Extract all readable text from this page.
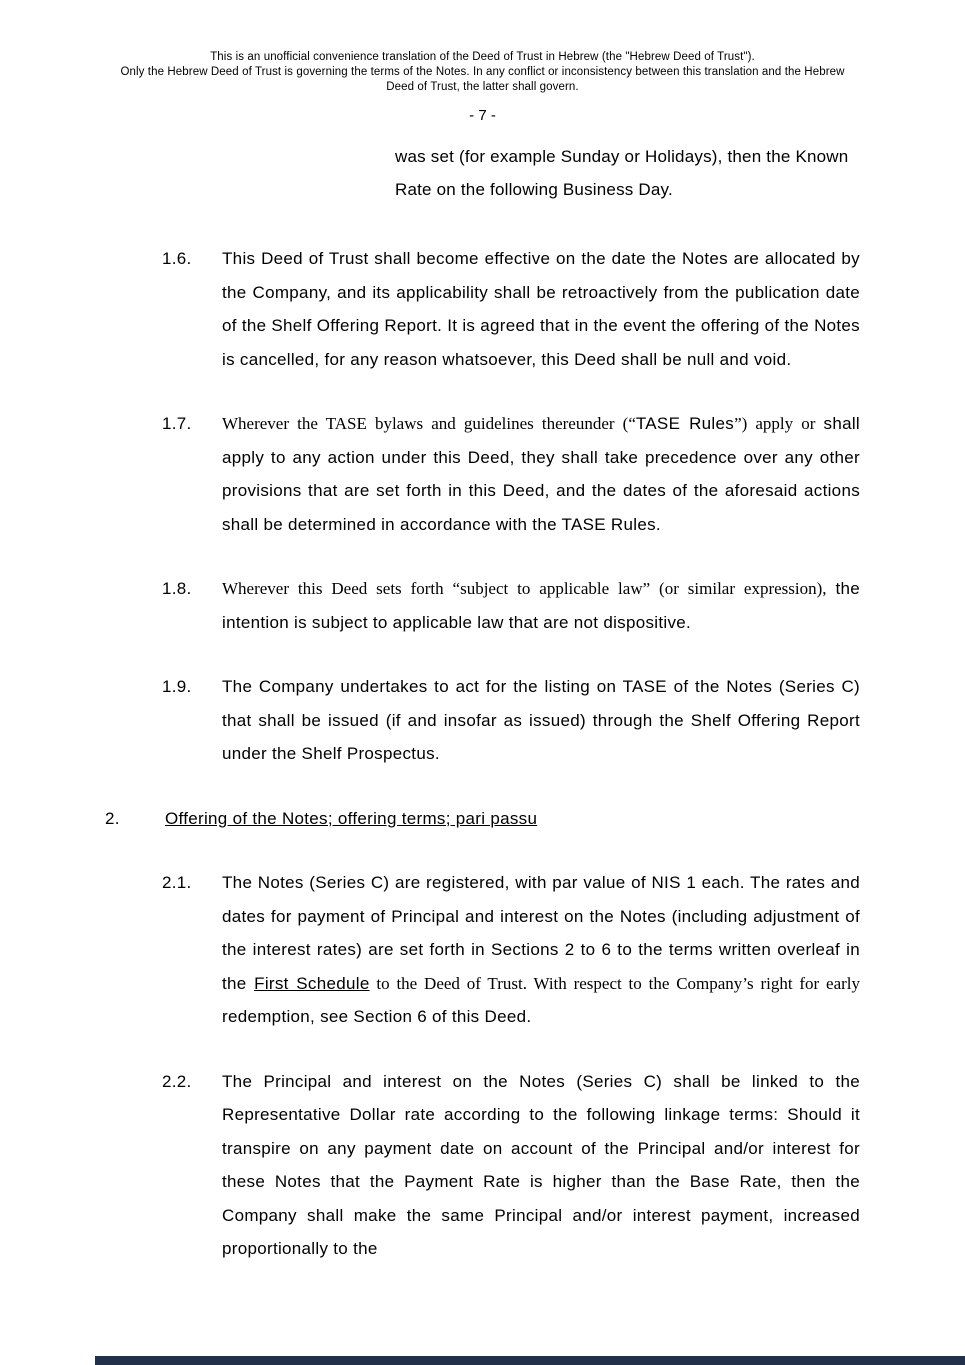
This is an unofficial convenience translation of the Deed of Trust in Hebrew (the "Hebrew Deed of Trust").
Only the Hebrew Deed of Trust is governing the terms of the Notes. In any conflict or inconsistency between this translation and the Hebrew
Deed of Trust, the latter shall govern.
- 7 -
was set (for example Sunday or Holidays), then the Known
Rate on the following Business Day.
1.6.	This Deed of Trust shall become effective on the date the Notes are allocated by the Company, and its applicability shall be retroactively from the publication date of the Shelf Offering Report. It is agreed that in the event the offering of the Notes is cancelled, for any reason whatsoever, this Deed shall be null and void.
1.7.	Wherever the TASE bylaws and guidelines thereunder (“TASE Rules”) apply or shall apply to any action under this Deed, they shall take precedence over any other provisions that are set forth in this Deed, and the dates of the aforesaid actions shall be determined in accordance with the TASE Rules.
1.8.	Wherever this Deed sets forth “subject to applicable law” (or similar expression), the intention is subject to applicable law that are not dispositive.
1.9.	The Company undertakes to act for the listing on TASE of the Notes (Series C) that shall be issued (if and insofar as issued) through the Shelf Offering Report under the Shelf Prospectus.
2.	Offering of the Notes; offering terms; pari passu
2.1.	The Notes (Series C) are registered, with par value of NIS 1 each. The rates and dates for payment of Principal and interest on the Notes (including adjustment of the interest rates) are set forth in Sections 2 to 6 to the terms written overleaf in the First Schedule to the Deed of Trust. With respect to the Company’s right for early redemption, see Section 6 of this Deed.
2.2.	The Principal and interest on the Notes (Series C) shall be linked to the Representative Dollar rate according to the following linkage terms: Should it transpire on any payment date on account of the Principal and/or interest for these Notes that the Payment Rate is higher than the Base Rate, then the Company shall make the same Principal and/or interest payment, increased proportionally to the
